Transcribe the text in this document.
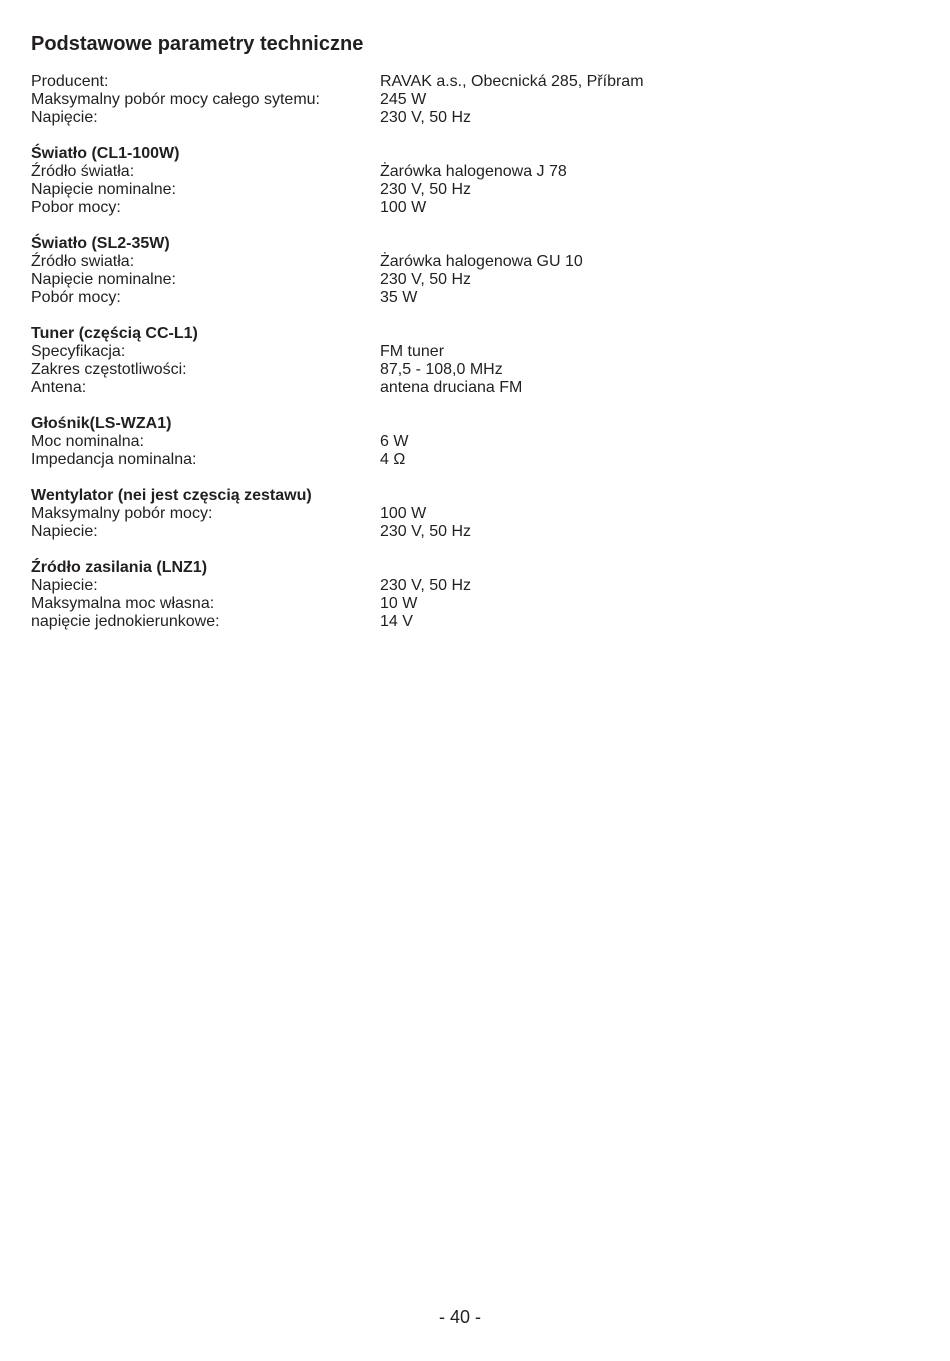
Podstawowe parametry techniczne
Producent:	RAVAK a.s., Obecnická 285, Příbram
Maksymalny pobór mocy całego sytemu:	245 W
Napięcie:	230 V, 50 Hz
Światło (CL1-100W)
Źródło światła:	Żarówka halogenowa J 78
Napięcie nominalne:	230 V, 50 Hz
Pobor mocy:	100 W
Światło (SL2-35W)
Źródło swiatła:	Żarówka halogenowa GU 10
Napięcie nominalne:	230 V, 50 Hz
Pobór mocy:	35 W
Tuner (częścią CC-L1)
Specyfikacja:	FM tuner
Zakres częstotliwości:	87,5 - 108,0 MHz
Antena:	antena druciana FM
Głośnik(LS-WZA1)
Moc nominalna:	6 W
Impedancja nominalna:	4 Ω
Wentylator (nei jest częscią zestawu)
Maksymalny pobór mocy:	100 W
Napiecie:	230 V, 50 Hz
Źródło zasilania (LNZ1)
Napiecie:	230 V, 50 Hz
Maksymalna moc własna:	10 W
napięcie jednokierunkowe:	14 V
- 40 -
